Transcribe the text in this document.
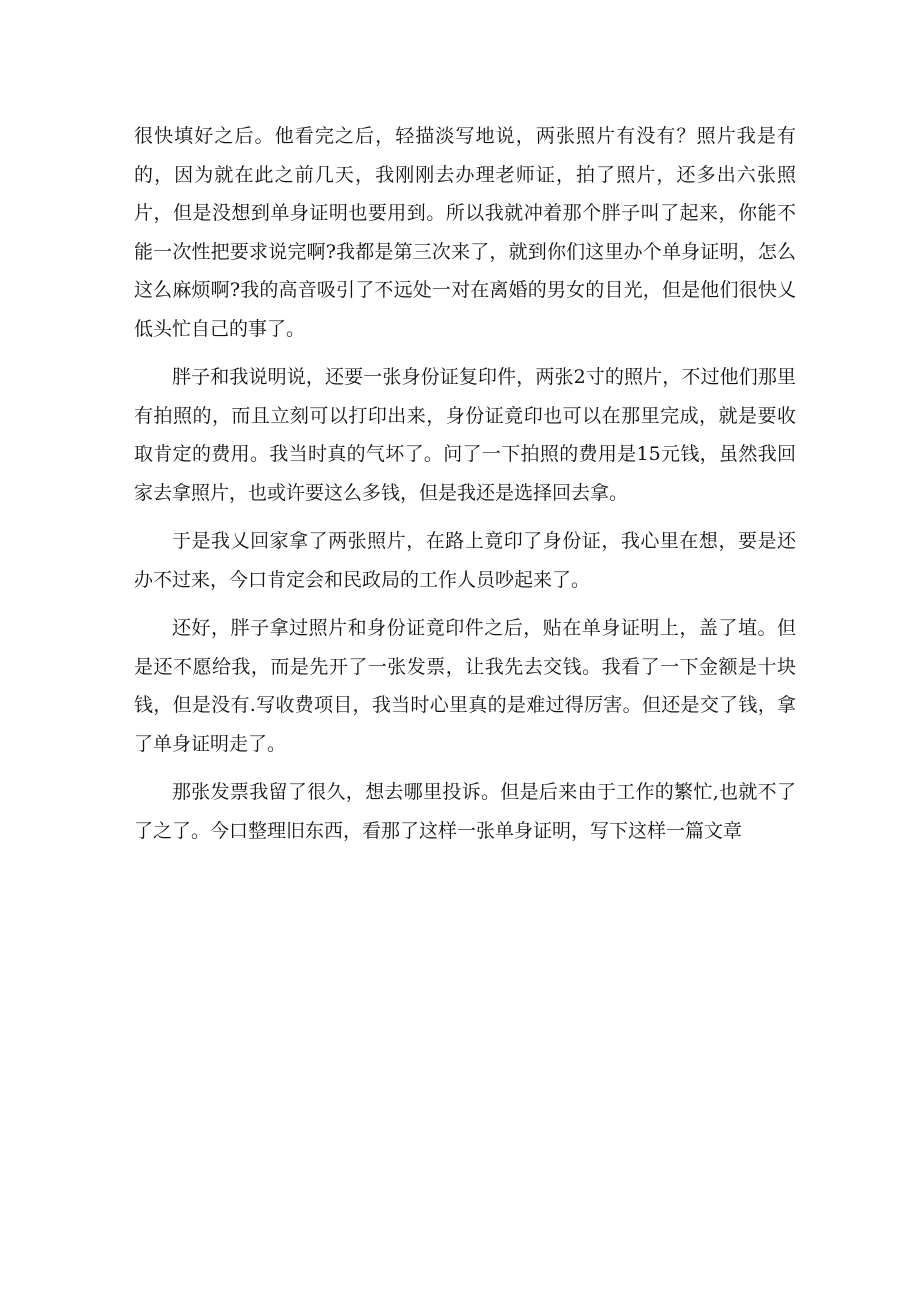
很快填好之后。他看完之后，轻描淡写地说，两张照片有没有？照片我是有的，因为就在此之前几天，我刚刚去办理老师证，拍了照片，还多出六张照片，但是没想到单身证明也要用到。所以我就冲着那个胖子叫了起来，你能不能一次性把要求说完啊?我都是第三次来了，就到你们这里办个单身证明，怎么这么麻烦啊?我的高音吸引了不远处一对在离婚的男女的目光，但是他们很快乂低头忙自己的事了。

胖子和我说明说，还要一张身份证复印件，两张2寸的照片，不过他们那里有拍照的，而且立刻可以打印出来，身份证竟印也可以在那里完成，就是要收取肯定的费用。我当时真的气坏了。问了一下拍照的费用是15元钱，虽然我回家去拿照片，也或许要这么多钱，但是我还是选择回去拿。

于是我乂回家拿了两张照片，在路上竟印了身份证，我心里在想，要是还办不过来，今口肯定会和民政局的工作人员吵起来了。

还好，胖子拿过照片和身份证竟印件之后，贴在单身证明上，盖了埴。但是还不愿给我，而是先开了一张发票，让我先去交钱。我看了一下金额是十块钱，但是没有.写收费项目，我当时心里真的是难过得厉害。但还是交了钱，拿了单身证明走了。

那张发票我留了很久，想去哪里投诉。但是后来由于工作的繁忙,也就不了了之了。今口整理旧东西，看那了这样一张单身证明，写下这样一篇文章
